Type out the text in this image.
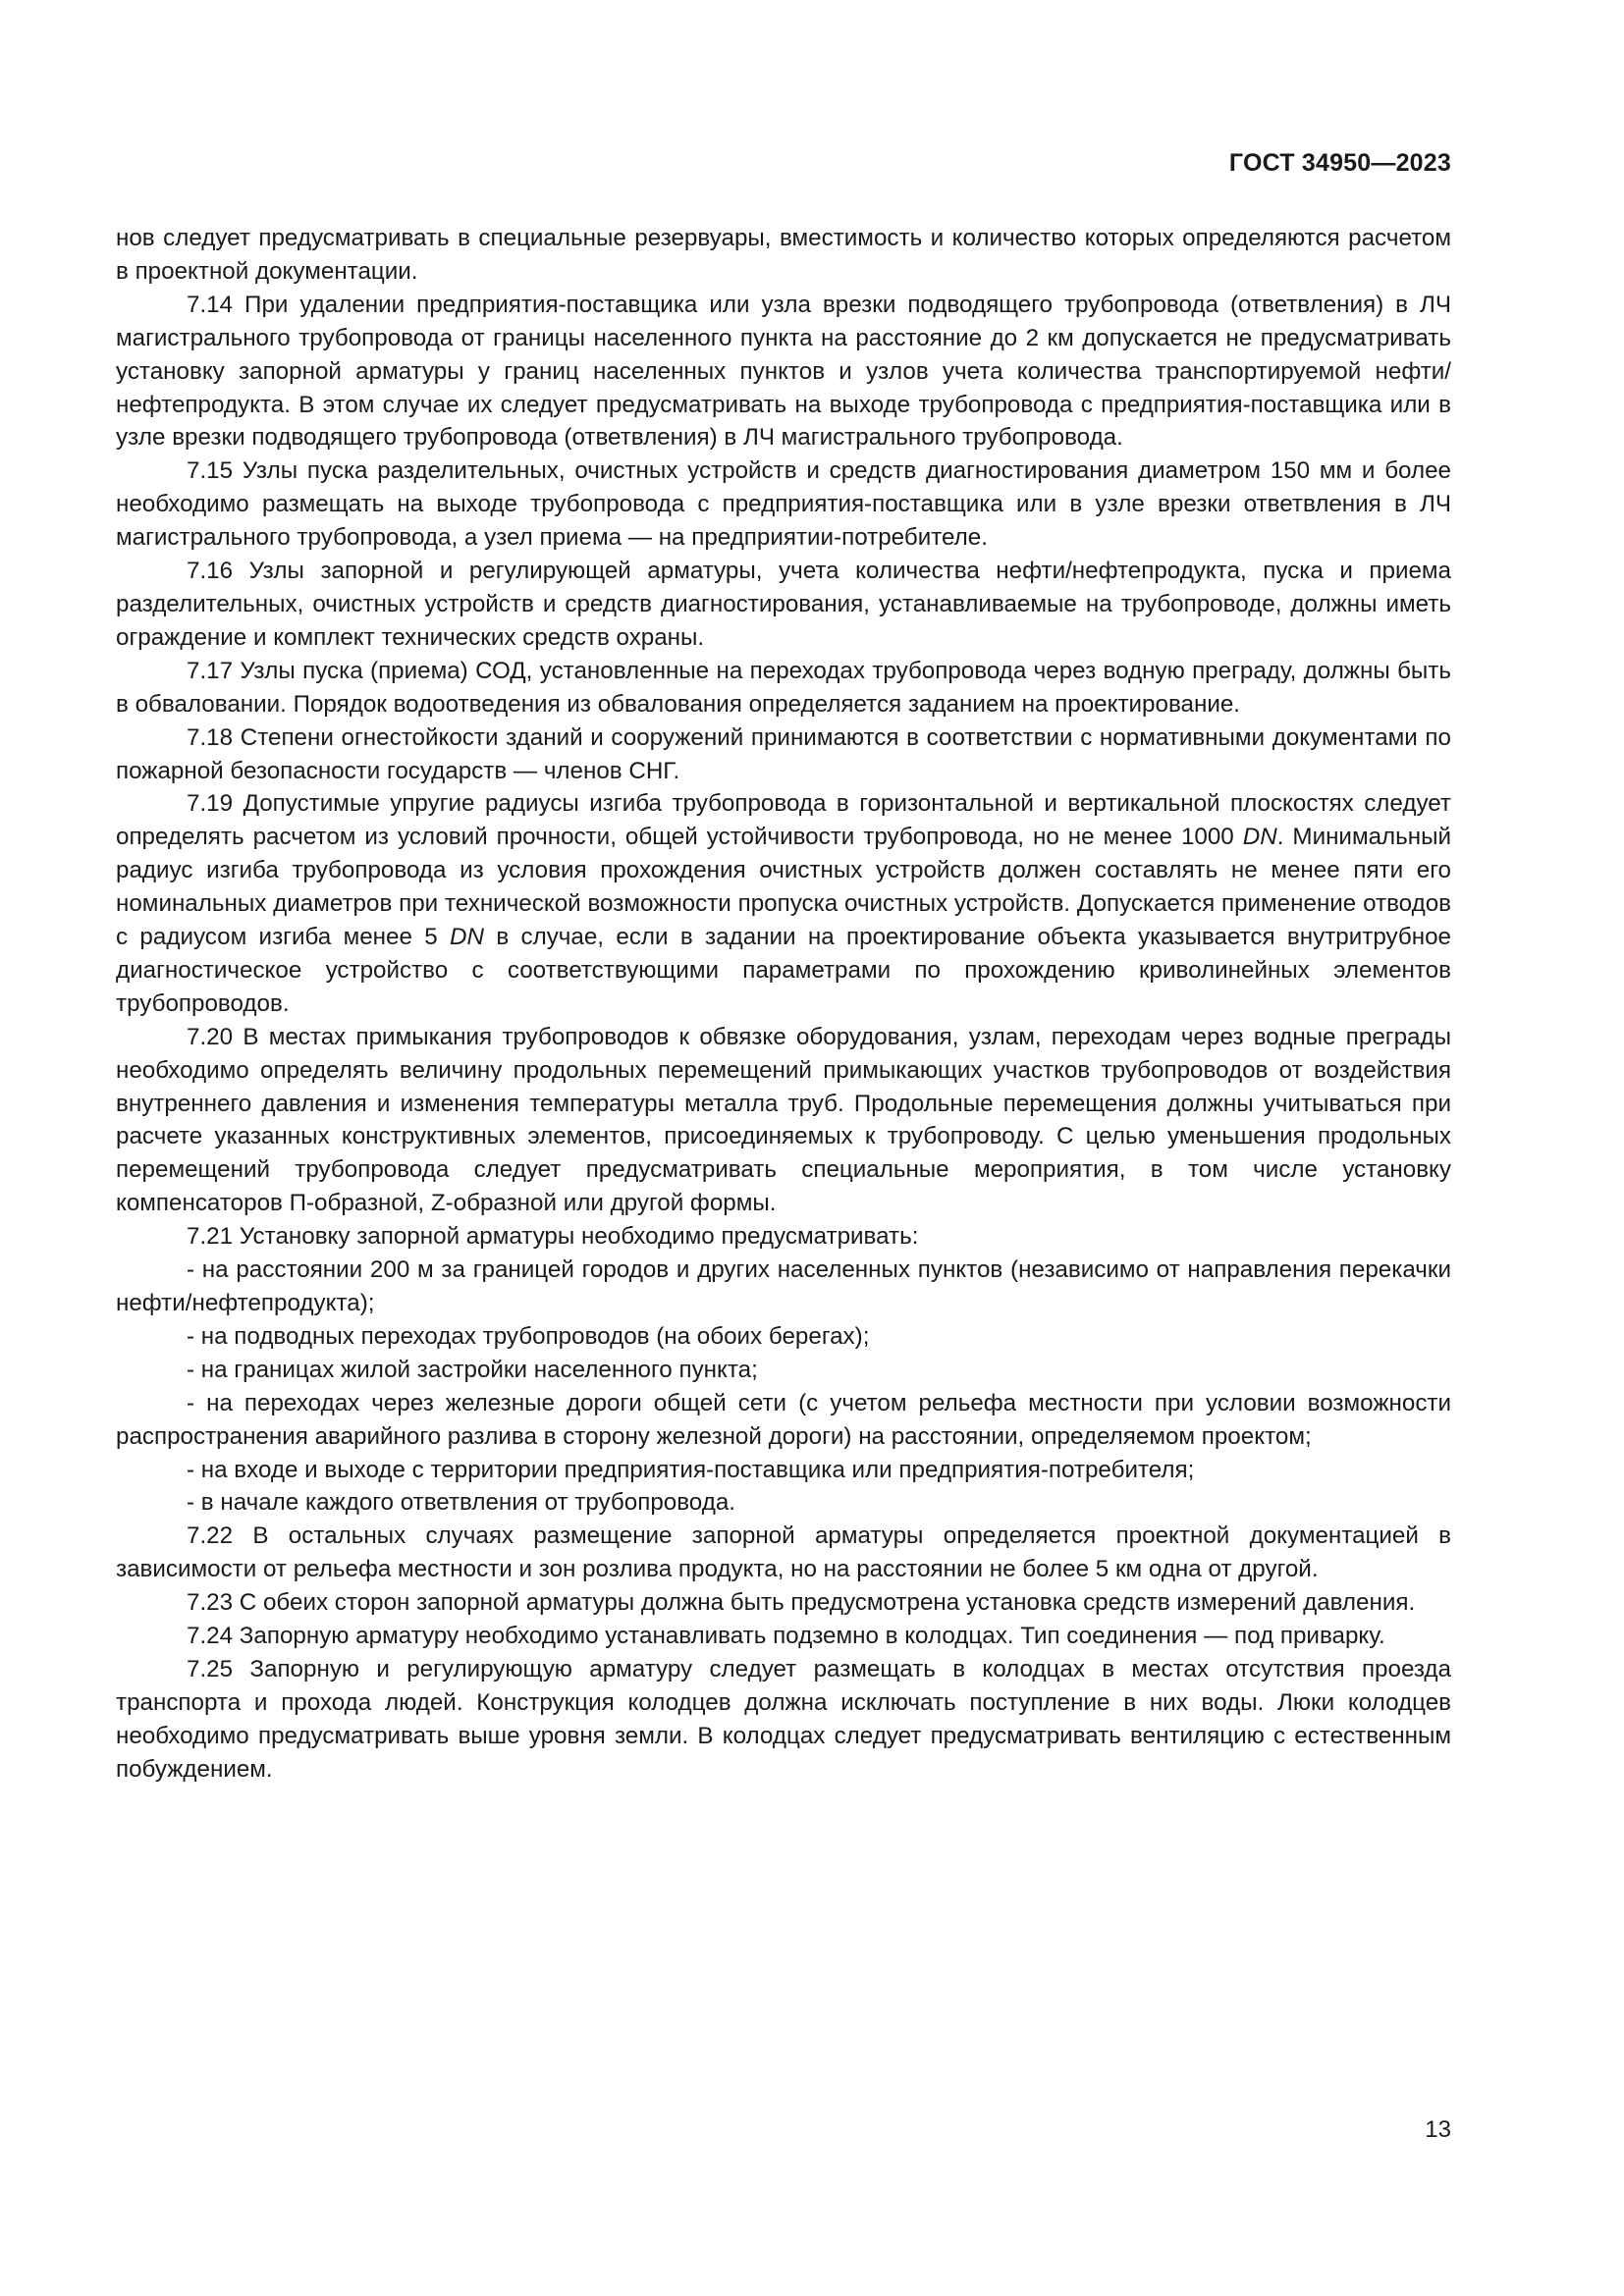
ГОСТ 34950—2023

нов следует предусматривать в специальные резервуары, вместимость и количество которых определяются расчетом в проектной документации.

7.14 При удалении предприятия-поставщика или узла врезки подводящего трубопровода (ответвления) в ЛЧ магистрального трубопровода от границы населенного пункта на расстояние до 2 км допускается не предусматривать установку запорной арматуры у границ населенных пунктов и узлов учета количества транспортируемой нефти/нефтепродукта. В этом случае их следует предусматривать на выходе трубопровода с предприятия-поставщика или в узле врезки подводящего трубопровода (ответвления) в ЛЧ магистрального трубопровода.

7.15 Узлы пуска разделительных, очистных устройств и средств диагностирования диаметром 150 мм и более необходимо размещать на выходе трубопровода с предприятия-поставщика или в узле врезки ответвления в ЛЧ магистрального трубопровода, а узел приема — на предприятии-потребителе.

7.16 Узлы запорной и регулирующей арматуры, учета количества нефти/нефтепродукта, пуска и приема разделительных, очистных устройств и средств диагностирования, устанавливаемые на трубопроводе, должны иметь ограждение и комплект технических средств охраны.

7.17 Узлы пуска (приема) СОД, установленные на переходах трубопровода через водную преграду, должны быть в обваловании. Порядок водоотведения из обвалования определяется заданием на проектирование.

7.18 Степени огнестойкости зданий и сооружений принимаются в соответствии с нормативными документами по пожарной безопасности государств — членов СНГ.

7.19 Допустимые упругие радиусы изгиба трубопровода в горизонтальной и вертикальной плоскостях следует определять расчетом из условий прочности, общей устойчивости трубопровода, но не менее 1000 DN. Минимальный радиус изгиба трубопровода из условия прохождения очистных устройств должен составлять не менее пяти его номинальных диаметров при технической возможности пропуска очистных устройств. Допускается применение отводов с радиусом изгиба менее 5 DN в случае, если в задании на проектирование объекта указывается внутритрубное диагностическое устройство с соответствующими параметрами по прохождению криволинейных элементов трубопроводов.

7.20 В местах примыкания трубопроводов к обвязке оборудования, узлам, переходам через водные преграды необходимо определять величину продольных перемещений примыкающих участков трубопроводов от воздействия внутреннего давления и изменения температуры металла труб. Продольные перемещения должны учитываться при расчете указанных конструктивных элементов, присоединяемых к трубопроводу. С целью уменьшения продольных перемещений трубопровода следует предусматривать специальные мероприятия, в том числе установку компенсаторов П-образной, Z-образной или другой формы.

7.21 Установку запорной арматуры необходимо предусматривать:

- на расстоянии 200 м за границей городов и других населенных пунктов (независимо от направления перекачки нефти/нефтепродукта);

- на подводных переходах трубопроводов (на обоих берегах);

- на границах жилой застройки населенного пункта;

- на переходах через железные дороги общей сети (с учетом рельефа местности при условии возможности распространения аварийного разлива в сторону железной дороги) на расстоянии, определяемом проектом;

- на входе и выходе с территории предприятия-поставщика или предприятия-потребителя;

- в начале каждого ответвления от трубопровода.

7.22 В остальных случаях размещение запорной арматуры определяется проектной документацией в зависимости от рельефа местности и зон розлива продукта, но на расстоянии не более 5 км одна от другой.

7.23 С обеих сторон запорной арматуры должна быть предусмотрена установка средств измерений давления.

7.24 Запорную арматуру необходимо устанавливать подземно в колодцах. Тип соединения — под приварку.

7.25 Запорную и регулирующую арматуру следует размещать в колодцах в местах отсутствия проезда транспорта и прохода людей. Конструкция колодцев должна исключать поступление в них воды. Люки колодцев необходимо предусматривать выше уровня земли. В колодцах следует предусматривать вентиляцию с естественным побуждением.

13
